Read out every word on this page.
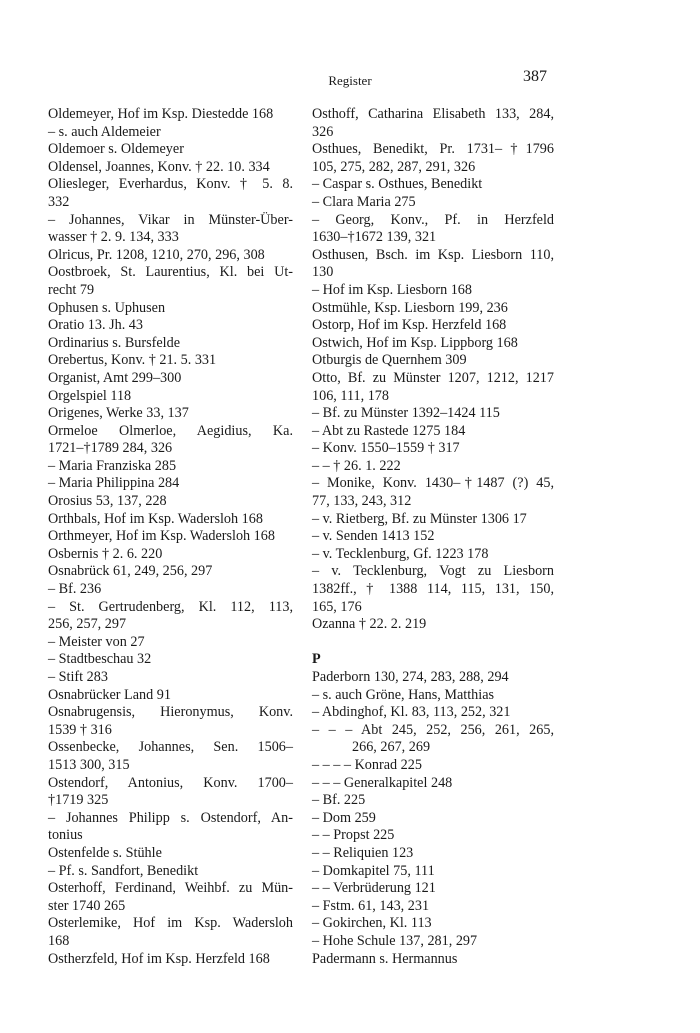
Register	387
Oldemeyer, Hof im Ksp. Diestedde 168
– s. auch Aldemeier
Oldemoer s. Oldemeyer
Oldensel, Joannes, Konv. † 22. 10. 334
Oliesleger, Everhardus, Konv. † 5. 8.
332
– Johannes, Vikar in Münster-Über-
wasser † 2. 9. 134, 333
Olricus, Pr. 1208, 1210, 270, 296, 308
Oostbroek, St. Laurentius, Kl. bei Ut-
recht 79
Ophusen s. Uphusen
Oratio 13. Jh. 43
Ordinarius s. Bursfelde
Orebertus, Konv. † 21. 5. 331
Organist, Amt 299–300
Orgelspiel 118
Origenes, Werke 33, 137
Ormeloe Olmerloe, Aegidius, Ka.
1721–†1789 284, 326
– Maria Franziska 285
– Maria Philippina 284
Orosius 53, 137, 228
Orthbals, Hof im Ksp. Wadersloh 168
Orthmeyer, Hof im Ksp. Wadersloh 168
Osbernis † 2. 6. 220
Osnabrück 61, 249, 256, 297
– Bf. 236
– St. Gertrudenberg, Kl. 112, 113,
256, 257, 297
– Meister von 27
– Stadtbeschau 32
– Stift 283
Osnabrücker Land 91
Osnabrugensis, Hieronymus, Konv.
1539 † 316
Ossenbecke, Johannes, Sen. 1506–
1513 300, 315
Ostendorf, Antonius, Konv. 1700–
†1719 325
– Johannes Philipp s. Ostendorf, An-
tonius
Ostenfelde s. Stühle
– Pf. s. Sandfort, Benedikt
Osterhoff, Ferdinand, Weihbf. zu Mün-
ster 1740 265
Osterlemike, Hof im Ksp. Wadersloh
168
Ostherzfeld, Hof im Ksp. Herzfeld 168
Osthoff, Catharina Elisabeth 133, 284,
326
Osthues, Benedikt, Pr. 1731–†1796
105, 275, 282, 287, 291, 326
– Caspar s. Osthues, Benedikt
– Clara Maria 275
– Georg, Konv., Pf. in Herzfeld
1630–†1672 139, 321
Osthusen, Bsch. im Ksp. Liesborn 110,
130
– Hof im Ksp. Liesborn 168
Ostmühle, Ksp. Liesborn 199, 236
Ostorp, Hof im Ksp. Herzfeld 168
Ostwich, Hof im Ksp. Lippborg 168
Otburgis de Quernhem 309
Otto, Bf. zu Münster 1207, 1212, 1217
106, 111, 178
– Bf. zu Münster 1392–1424 115
– Abt zu Rastede 1275 184
– Konv. 1550–1559 † 317
– – † 26. 1. 222
– Monike, Konv. 1430–†1487 (?) 45,
77, 133, 243, 312
– v. Rietberg, Bf. zu Münster 1306 17
– v. Senden 1413 152
– v. Tecklenburg, Gf. 1223 178
– v. Tecklenburg, Vogt zu Liesborn
1382ff., † 1388 114, 115, 131, 150,
165, 176
Ozanna † 22. 2. 219
P
Paderborn 130, 274, 283, 288, 294
– s. auch Gröne, Hans, Matthias
– Abdinghof, Kl. 83, 113, 252, 321
– – – Abt 245, 252, 256, 261, 265,
266, 267, 269
– – – – Konrad 225
– – – Generalkapitel 248
– Bf. 225
– Dom 259
– – Propst 225
– – Reliquien 123
– Domkapitel 75, 111
– – Verbrüderung 121
– Fstm. 61, 143, 231
– Gokirchen, Kl. 113
– Hohe Schule 137, 281, 297
Padermann s. Hermannus
